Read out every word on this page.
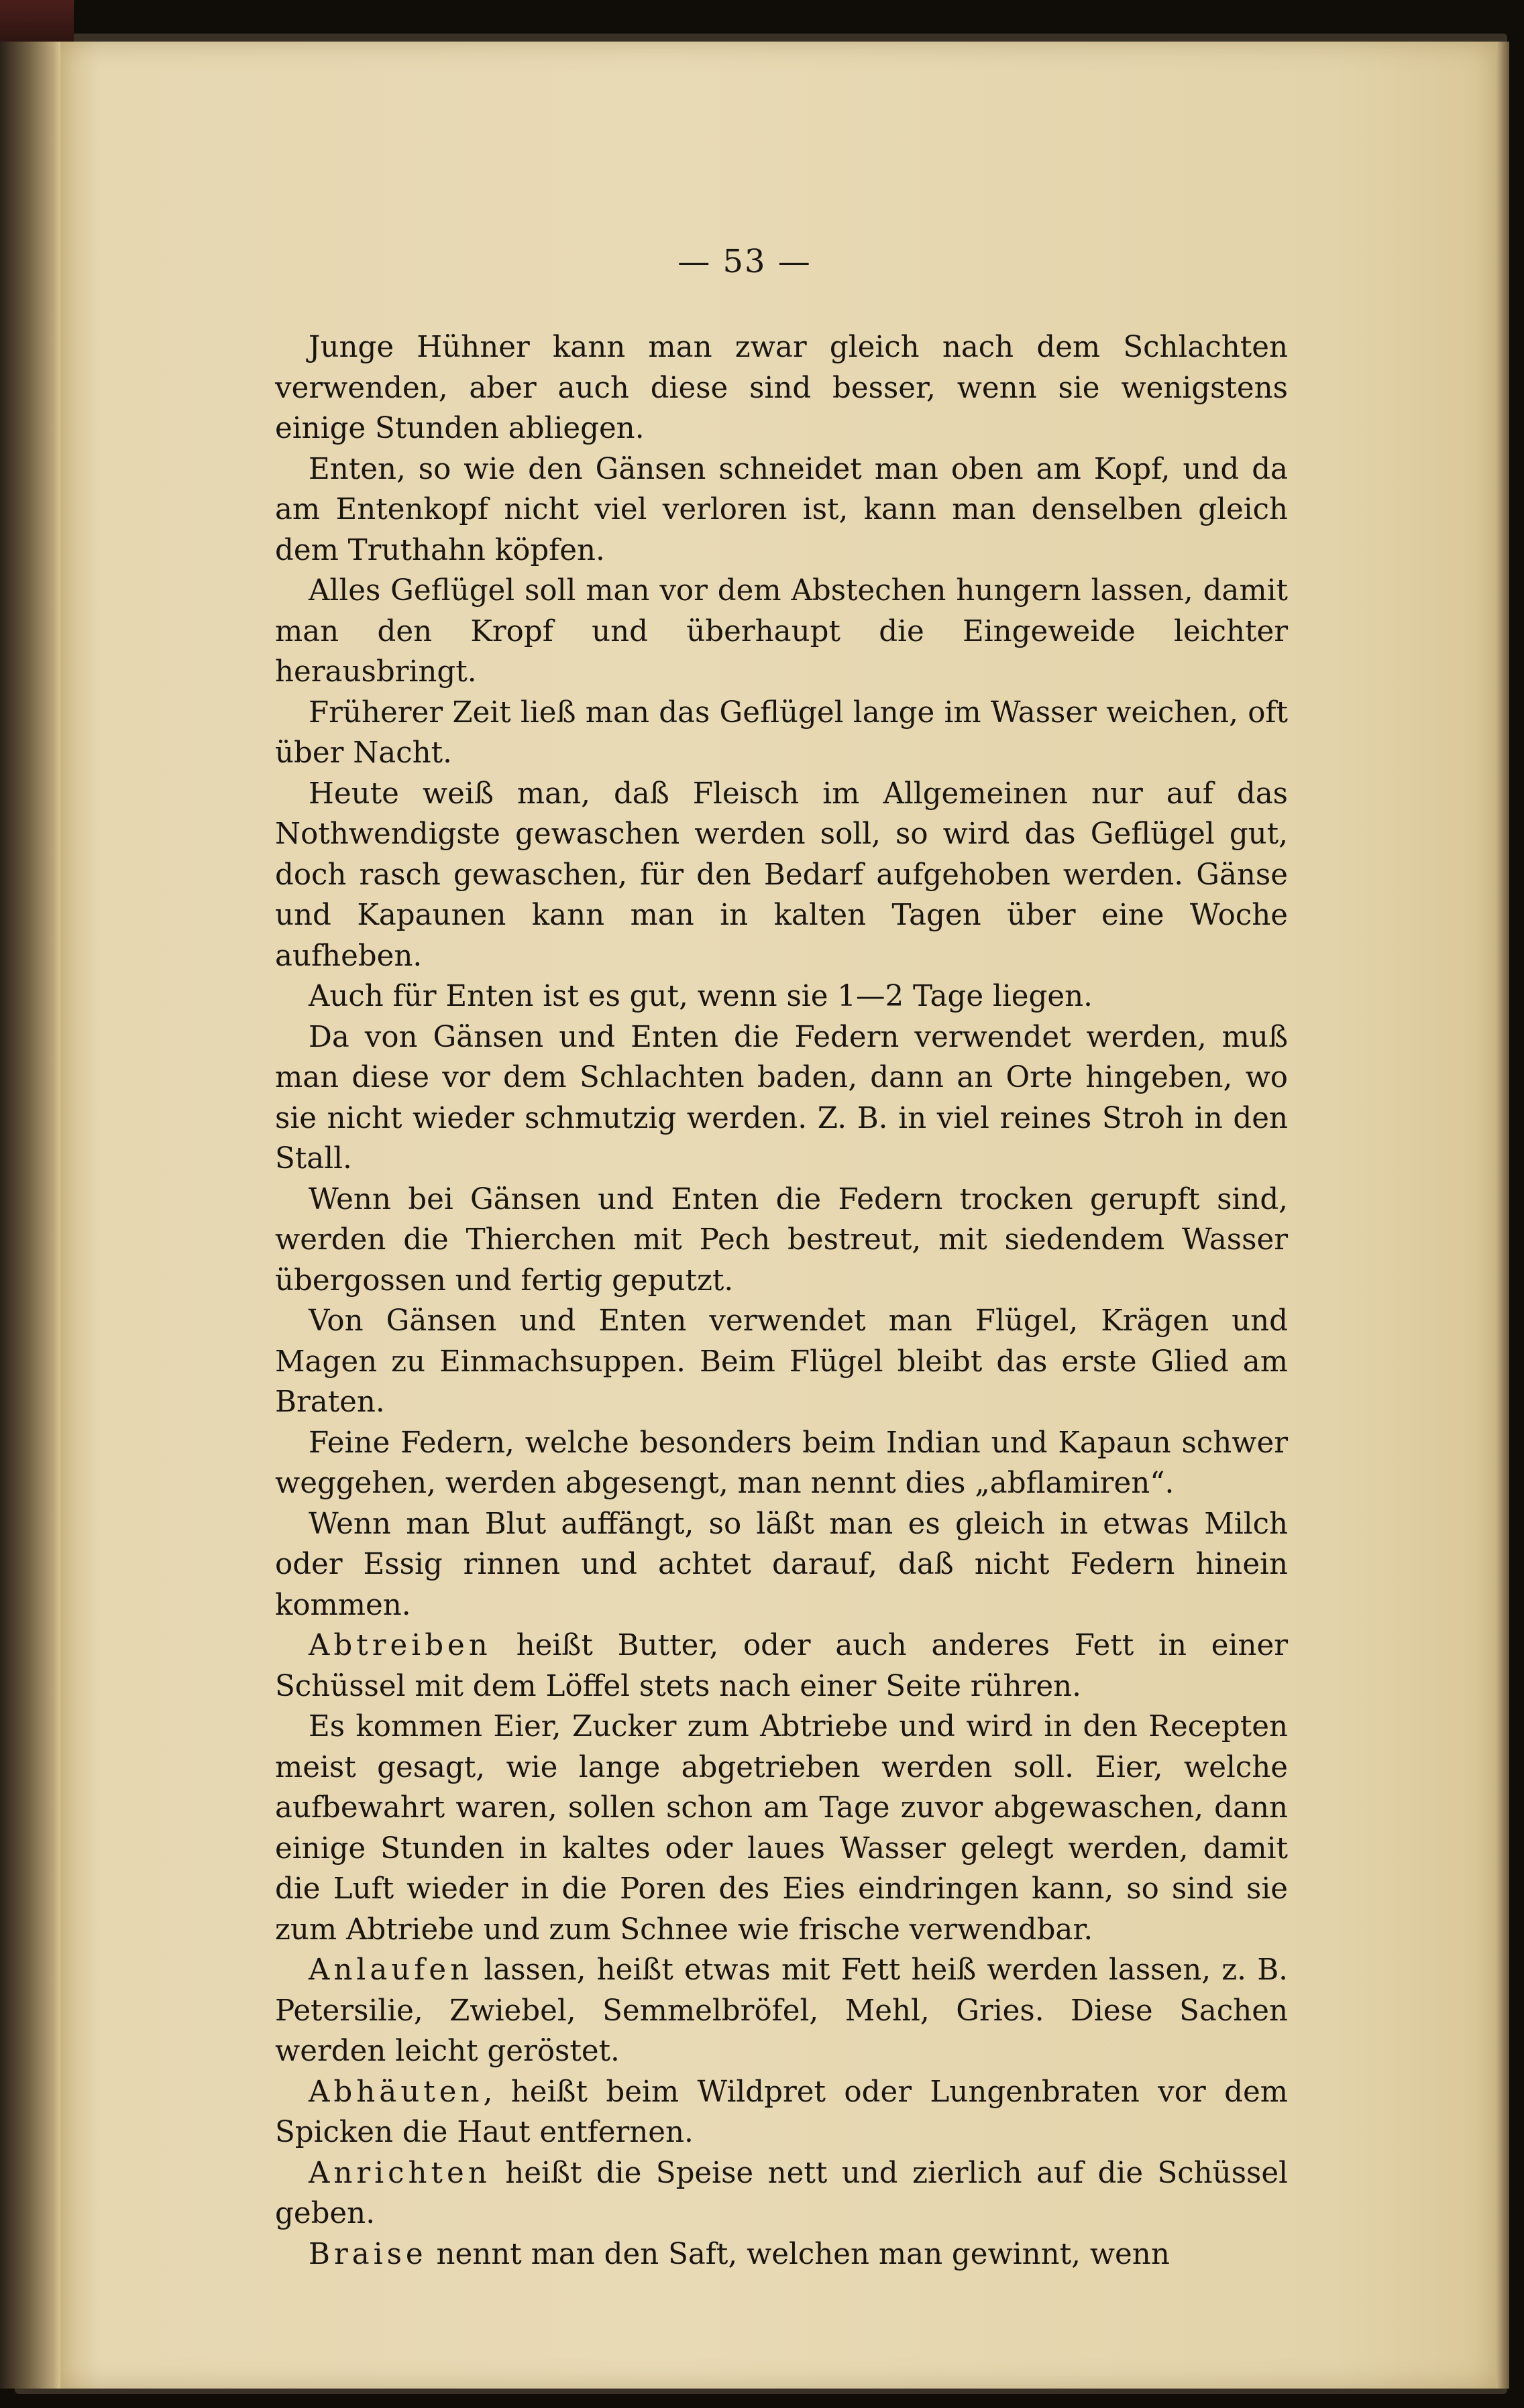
— 53 —

Junge Hühner kann man zwar gleich nach dem Schlachten verwenden, aber auch diese sind besser, wenn sie wenigstens einige Stunden abliegen.

Enten, so wie den Gänsen schneidet man oben am Kopf, und da am Entenkopf nicht viel verloren ist, kann man denselben gleich dem Truthahn köpfen.

Alles Geflügel soll man vor dem Abstechen hungern lassen, damit man den Kropf und überhaupt die Eingeweide leichter herausbringt.

Früherer Zeit ließ man das Geflügel lange im Wasser weichen, oft über Nacht.

Heute weiß man, daß Fleisch im Allgemeinen nur auf das Nothwendigste gewaschen werden soll, so wird das Geflügel gut, doch rasch gewaschen, für den Bedarf aufgehoben werden. Gänse und Kapaunen kann man in kalten Tagen über eine Woche aufheben.

Auch für Enten ist es gut, wenn sie 1—2 Tage liegen.

Da von Gänsen und Enten die Federn verwendet werden, muß man diese vor dem Schlachten baden, dann an Orte hingeben, wo sie nicht wieder schmutzig werden. Z. B. in viel reines Stroh in den Stall.

Wenn bei Gänsen und Enten die Federn trocken gerupft sind, werden die Thierchen mit Pech bestreut, mit siedendem Wasser übergossen und fertig geputzt.

Von Gänsen und Enten verwendet man Flügel, Krägen und Magen zu Einmachsuppen. Beim Flügel bleibt das erste Glied am Braten.

Feine Federn, welche besonders beim Indian und Kapaun schwer weggehen, werden abgesengt, man nennt dies „abflamiren“.

Wenn man Blut auffängt, so läßt man es gleich in etwas Milch oder Essig rinnen und achtet darauf, daß nicht Federn hinein kommen.

Abtreiben heißt Butter, oder auch anderes Fett in einer Schüssel mit dem Löffel stets nach einer Seite rühren.

Es kommen Eier, Zucker zum Abtriebe und wird in den Recepten meist gesagt, wie lange abgetrieben werden soll. Eier, welche aufbewahrt waren, sollen schon am Tage zuvor abgewaschen, dann einige Stunden in kaltes oder laues Wasser gelegt werden, damit die Luft wieder in die Poren des Eies eindringen kann, so sind sie zum Abtriebe und zum Schnee wie frische verwendbar.

Anlaufen lassen, heißt etwas mit Fett heiß werden lassen, z. B. Petersilie, Zwiebel, Semmelbröfel, Mehl, Gries. Diese Sachen werden leicht geröstet.

Abhäuten, heißt beim Wildpret oder Lungenbraten vor dem Spicken die Haut entfernen.

Anrichten heißt die Speise nett und zierlich auf die Schüssel geben.

Braise nennt man den Saft, welchen man gewinnt, wenn
